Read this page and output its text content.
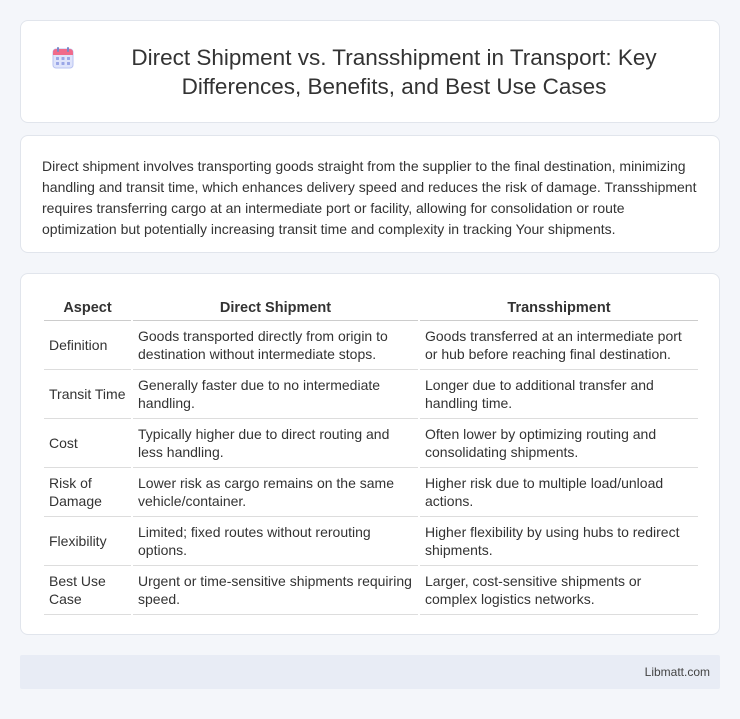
Direct Shipment vs. Transshipment in Transport: Key Differences, Benefits, and Best Use Cases

Direct shipment involves transporting goods straight from the supplier to the final destination, minimizing handling and transit time, which enhances delivery speed and reduces the risk of damage. Transshipment requires transferring cargo at an intermediate port or facility, allowing for consolidation or route optimization but potentially increasing transit time and complexity in tracking Your shipments.

Aspect	Direct Shipment	Transshipment
Definition	Goods transported directly from origin to destination without intermediate stops.	Goods transferred at an intermediate port or hub before reaching final destination.
Transit Time	Generally faster due to no intermediate handling.	Longer due to additional transfer and handling time.
Cost	Typically higher due to direct routing and less handling.	Often lower by optimizing routing and consolidating shipments.
Risk of Damage	Lower risk as cargo remains on the same vehicle/container.	Higher risk due to multiple load/unload actions.
Flexibility	Limited; fixed routes without rerouting options.	Higher flexibility by using hubs to redirect shipments.
Best Use Case	Urgent or time-sensitive shipments requiring speed.	Larger, cost-sensitive shipments or complex logistics networks.
Libmatt.com
